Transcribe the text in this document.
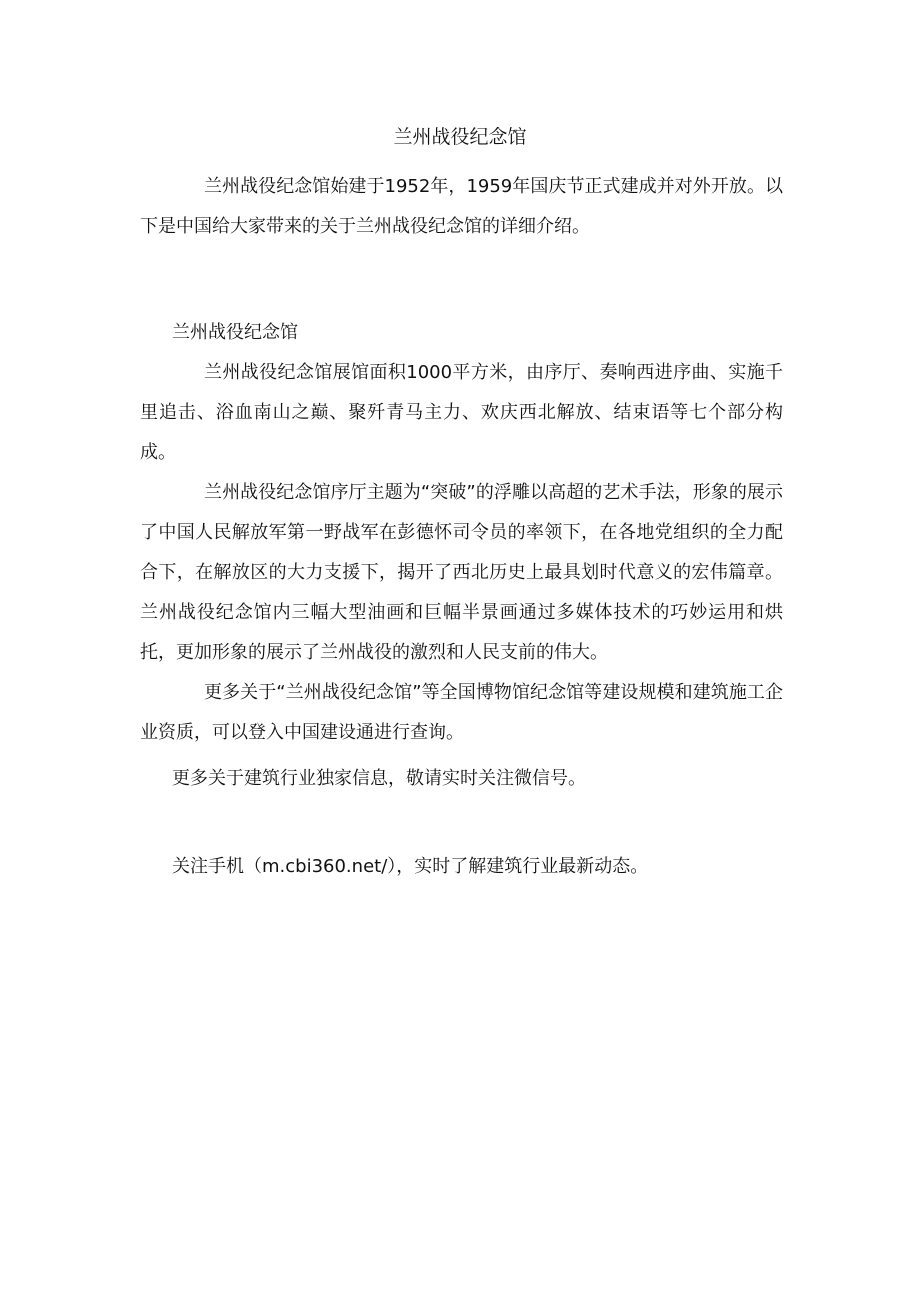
兰州战役纪念馆

兰州战役纪念馆始建于1952年，1959年国庆节正式建成并对外开放。以下是中国给大家带来的关于兰州战役纪念馆的详细介绍。

兰州战役纪念馆

兰州战役纪念馆展馆面积1000平方米，由序厅、奏响西进序曲、实施千里追击、浴血南山之巅、聚歼青马主力、欢庆西北解放、结束语等七个部分构成。

兰州战役纪念馆序厅主题为“突破”的浮雕以高超的艺术手法，形象的展示了中国人民解放军第一野战军在彭德怀司令员的率领下，在各地党组织的全力配合下，在解放区的大力支援下，揭开了西北历史上最具划时代意义的宏伟篇章。兰州战役纪念馆内三幅大型油画和巨幅半景画通过多媒体技术的巧妙运用和烘托，更加形象的展示了兰州战役的激烈和人民支前的伟大。

更多关于“兰州战役纪念馆”等全国博物馆纪念馆等建设规模和建筑施工企业资质，可以登入中国建设通进行查询。

更多关于建筑行业独家信息，敬请实时关注微信号。

关注手机（m.cbi360.net/），实时了解建筑行业最新动态。
